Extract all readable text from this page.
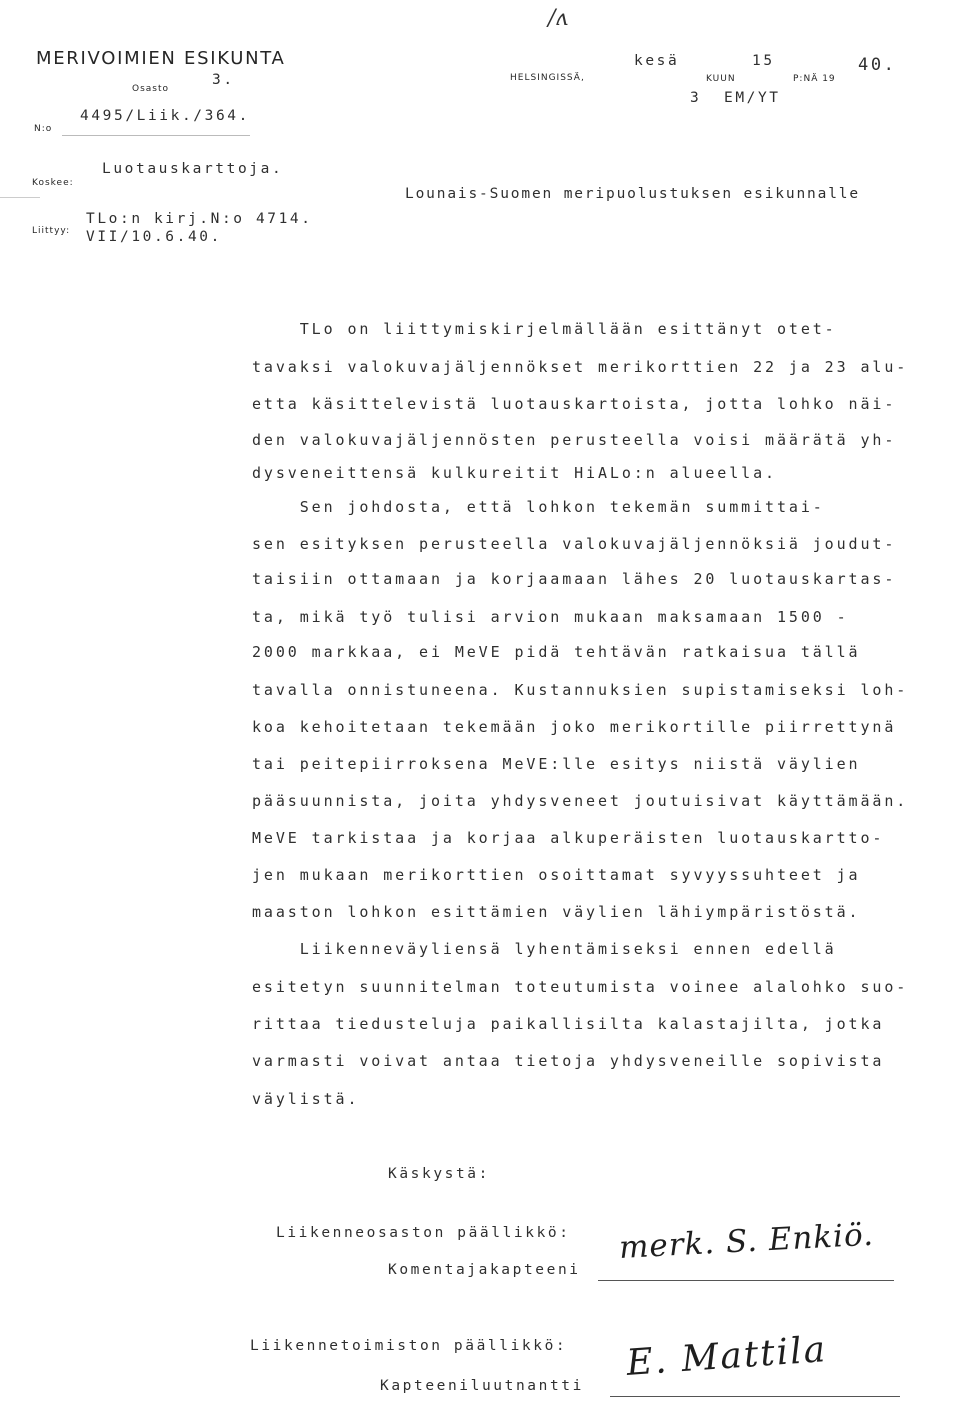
/ʌ
MERIVOIMIEN ESIKUNTA
Osasto
3.
N:o
4495/Liik./364.
Koskee:
Luotauskarttoja.
Liittyy:
TLo:n kirj.N:o 4714.
VII/10.6.40.
kesä	15	40.
HELSINGISSÄ,	KUUN	P:NÄ 19
3  EM/YT
Lounais-Suomen meripuolustuksen esikunnalle
TLo on liittymiskirjelmällään esittänyt otet-
tavaksi valokuvajäljennökset merikorttien 22 ja 23 alu-
etta käsittelevistä luotauskartoista, jotta lohko näi-
den valokuvajäljennösten perusteella voisi määrätä yh-
dysveneittensä kulkureitit HiALo:n alueella.
Sen johdosta, että lohkon tekemän summittai-
sen esityksen perusteella valokuvajäljennöksiä joudut-
taisiin ottamaan ja korjaamaan lähes 20 luotauskartas-
ta, mikä työ tulisi arvion mukaan maksamaan 1500 -
2000 markkaa, ei MeVE pidä tehtävän ratkaisua tällä
tavalla onnistuneena. Kustannuksien supistamiseksi loh-
koa kehoitetaan tekemään joko merikortille piirrettynä
tai peitepiirroksena MeVE:lle esitys niistä väylien
pääsuunnista, joita yhdysveneet joutuisivat käyttämään.
MeVE tarkistaa ja korjaa alkuperäisten luotauskartto-
jen mukaan merikorttien osoittamat syvyyssuhteet ja
maaston lohkon esittämien väylien lähiympäristöstä.
Liikenneväyliensä lyhentämiseksi ennen edellä
esitetyn suunnitelman toteutumista voinee alalohko suo-
rittaa tiedusteluja paikallisilta kalastajilta, jotka
varmasti voivat antaa tietoja yhdysveneille sopivista
väylistä.
Käskystä:
Liikenneosaston päällikkö:
Komentajakapteeni
merk. S. Enkiö.
Liikennetoimiston päällikkö:
Kapteeniluutnantti
E. Mattila
